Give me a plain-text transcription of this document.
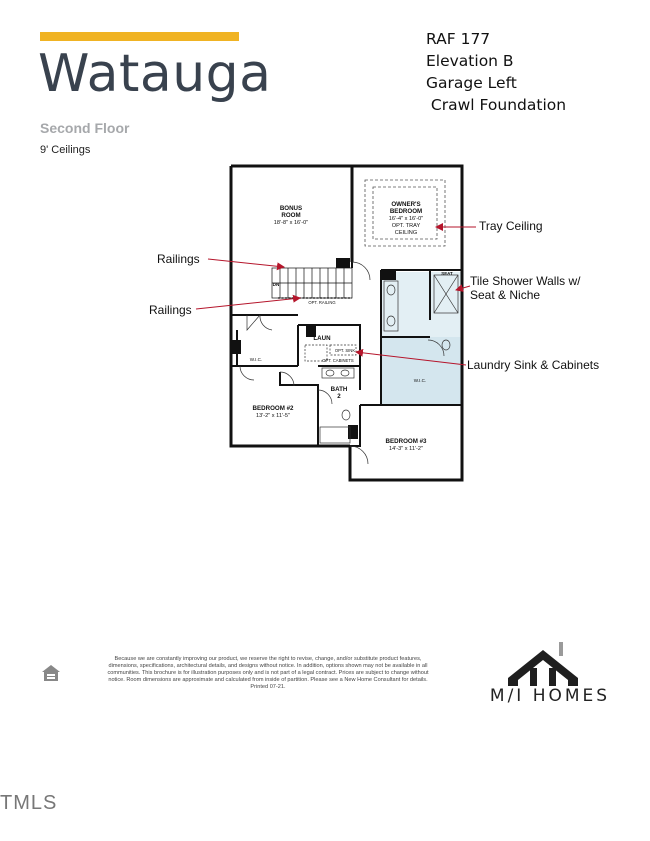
Watauga
Second Floor
9' Ceilings
RAF 177
Elevation B
Garage Left
Crawl Foundation
BONUS
ROOM
18'-8" x 16'-0"
OWNER'S
BEDROOM
16'-4" x 16'-0"
OPT. TRAY
CEILING
SEAT
DN
OPT. RAILING
LAUN
OPT. SINK
OPT. CABINETS
W.I.C.
W.I.C.
BATH
2
BEDROOM #2
13'-2" x 11'-5"
BEDROOM #3
14'-3" x 11'-2"
Tray Ceiling
Railings
Railings
Tile Shower Walls w/
Seat & Niche
Laundry Sink & Cabinets
Because we are constantly improving our product, we reserve the right to revise, change, and/or substitute product features, dimensions, specifications, architectural details, and designs without notice. In addition, options shown may not be available in all communities. This brochure is for illustration purposes only and is not part of a legal contract. Prices are subject to change without notice. Room dimensions are approximate and calculated from inside of partition. Please see a New Home Consultant for details. Printed 07-21.	M/I HOMES
TMLS
